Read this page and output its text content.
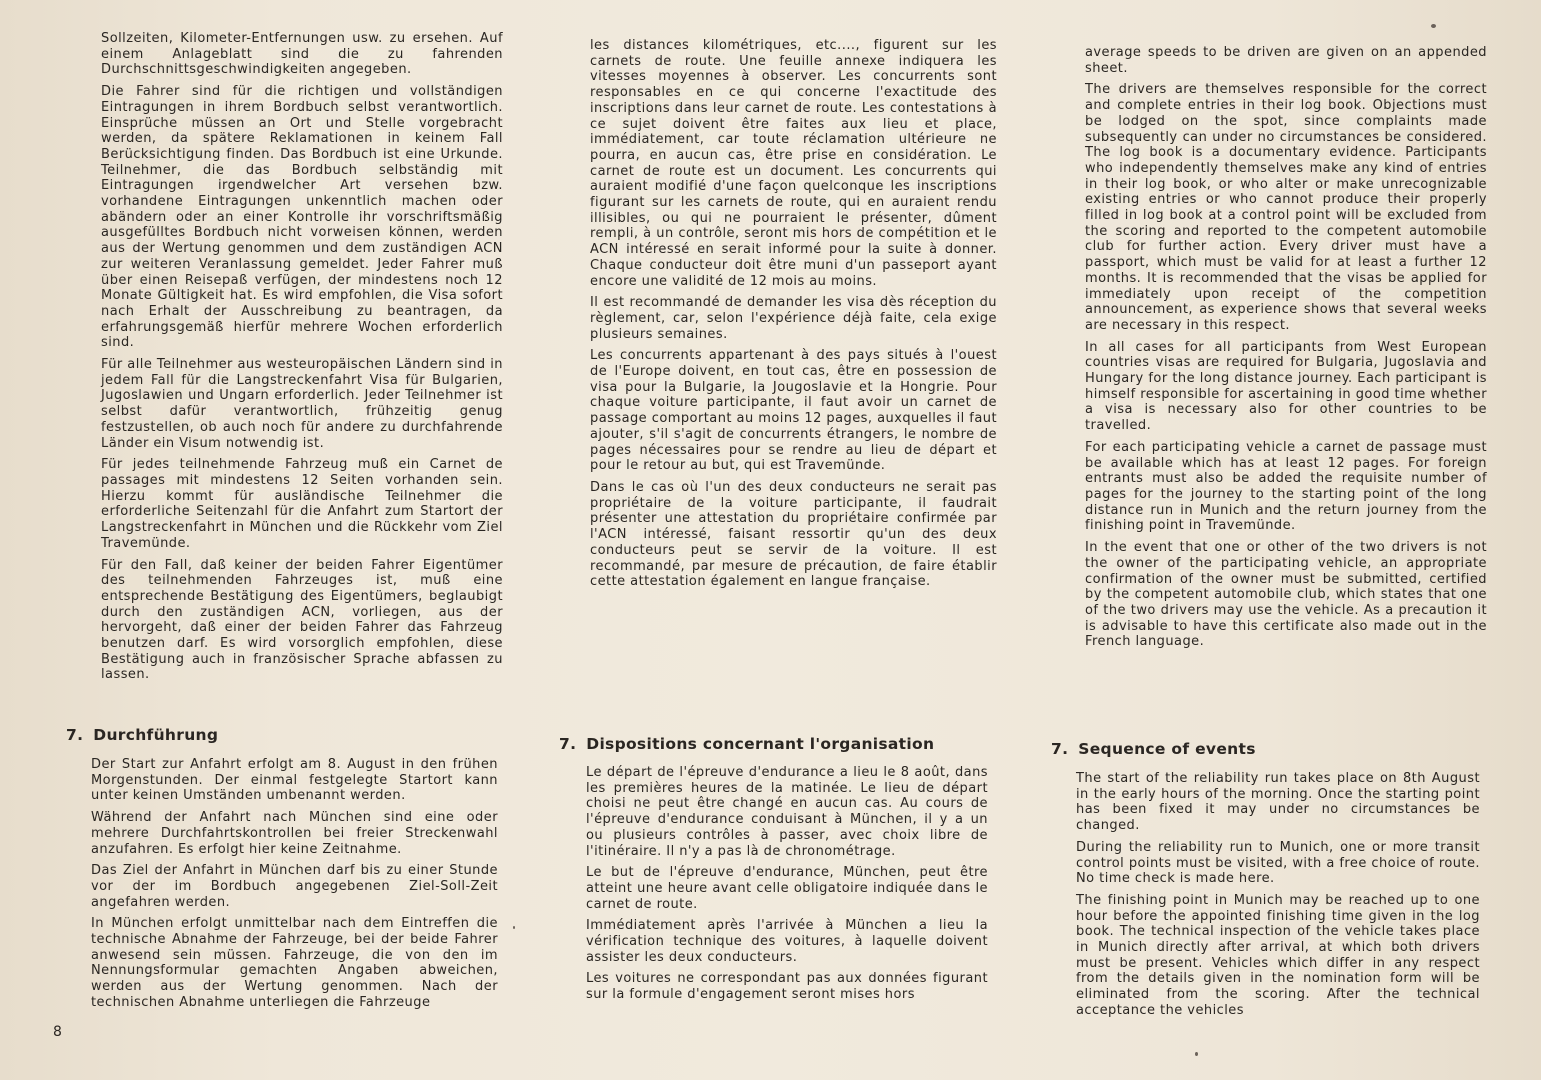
Sollzeiten, Kilometer-Entfernungen usw. zu ersehen. Auf einem Anlageblatt sind die zu fahrenden Durchschnittsgeschwindigkeiten angegeben.

Die Fahrer sind für die richtigen und vollständigen Eintragungen in ihrem Bordbuch selbst verantwortlich. Einsprüche müssen an Ort und Stelle vorgebracht werden, da spätere Reklamationen in keinem Fall Berücksichtigung finden. Das Bordbuch ist eine Urkunde. Teilnehmer, die das Bordbuch selbständig mit Eintragungen irgendwelcher Art versehen bzw. vorhandene Eintragungen unkenntlich machen oder abändern oder an einer Kontrolle ihr vorschriftsmäßig ausgefülltes Bordbuch nicht vorweisen können, werden aus der Wertung genommen und dem zuständigen ACN zur weiteren Veranlassung gemeldet. Jeder Fahrer muß über einen Reisepaß verfügen, der mindestens noch 12 Monate Gültigkeit hat. Es wird empfohlen, die Visa sofort nach Erhalt der Ausschreibung zu beantragen, da erfahrungsgemäß hierfür mehrere Wochen erforderlich sind.

Für alle Teilnehmer aus westeuropäischen Ländern sind in jedem Fall für die Langstreckenfahrt Visa für Bulgarien, Jugoslawien und Ungarn erforderlich. Jeder Teilnehmer ist selbst dafür verantwortlich, frühzeitig genug festzustellen, ob auch noch für andere zu durchfahrende Länder ein Visum notwendig ist.

Für jedes teilnehmende Fahrzeug muß ein Carnet de passages mit mindestens 12 Seiten vorhanden sein. Hierzu kommt für ausländische Teilnehmer die erforderliche Seitenzahl für die Anfahrt zum Startort der Langstreckenfahrt in München und die Rückkehr vom Ziel Travemünde.

Für den Fall, daß keiner der beiden Fahrer Eigentümer des teilnehmenden Fahrzeuges ist, muß eine entsprechende Bestätigung des Eigentümers, beglaubigt durch den zuständigen ACN, vorliegen, aus der hervorgeht, daß einer der beiden Fahrer das Fahrzeug benutzen darf. Es wird vorsorglich empfohlen, diese Bestätigung auch in französischer Sprache abfassen zu lassen.

7. Durchführung

Der Start zur Anfahrt erfolgt am 8. August in den frühen Morgenstunden. Der einmal festgelegte Startort kann unter keinen Umständen umbenannt werden.

Während der Anfahrt nach München sind eine oder mehrere Durchfahrtskontrollen bei freier Streckenwahl anzufahren. Es erfolgt hier keine Zeitnahme.

Das Ziel der Anfahrt in München darf bis zu einer Stunde vor der im Bordbuch angegebenen Ziel-Soll-Zeit angefahren werden.

In München erfolgt unmittelbar nach dem Eintreffen die technische Abnahme der Fahrzeuge, bei der beide Fahrer anwesend sein müssen. Fahrzeuge, die von den im Nennungsformular gemachten Angaben abweichen, werden aus der Wertung genommen. Nach der technischen Abnahme unterliegen die Fahrzeuge

les distances kilométriques, etc...., figurent sur les carnets de route. Une feuille annexe indiquera les vitesses moyennes à observer. Les concurrents sont responsables en ce qui concerne l'exactitude des inscriptions dans leur carnet de route. Les contestations à ce sujet doivent être faites aux lieu et place, immédiatement, car toute réclamation ultérieure ne pourra, en aucun cas, être prise en considération. Le carnet de route est un document. Les concurrents qui auraient modifié d'une façon quelconque les inscriptions figurant sur les carnets de route, qui en auraient rendu illisibles, ou qui ne pourraient le présenter, dûment rempli, à un contrôle, seront mis hors de compétition et le ACN intéressé en serait informé pour la suite à donner. Chaque conducteur doit être muni d'un passeport ayant encore une validité de 12 mois au moins.

Il est recommandé de demander les visa dès réception du règlement, car, selon l'expérience déjà faite, cela exige plusieurs semaines.

Les concurrents appartenant à des pays situés à l'ouest de l'Europe doivent, en tout cas, être en possession de visa pour la Bulgarie, la Jougoslavie et la Hongrie. Pour chaque voiture participante, il faut avoir un carnet de passage comportant au moins 12 pages, auxquelles il faut ajouter, s'il s'agit de concurrents étrangers, le nombre de pages nécessaires pour se rendre au lieu de départ et pour le retour au but, qui est Travemünde.

Dans le cas où l'un des deux conducteurs ne serait pas propriétaire de la voiture participante, il faudrait présenter une attestation du propriétaire confirmée par l'ACN intéressé, faisant ressortir qu'un des deux conducteurs peut se servir de la voiture. Il est recommandé, par mesure de précaution, de faire établir cette attestation également en langue française.

7. Dispositions concernant l'organisation

Le départ de l'épreuve d'endurance a lieu le 8 août, dans les premières heures de la matinée. Le lieu de départ choisi ne peut être changé en aucun cas. Au cours de l'épreuve d'endurance conduisant à München, il y a un ou plusieurs contrôles à passer, avec choix libre de l'itinéraire. Il n'y a pas là de chronométrage.

Le but de l'épreuve d'endurance, München, peut être atteint une heure avant celle obligatoire indiquée dans le carnet de route.

Immédiatement après l'arrivée à München a lieu la vérification technique des voitures, à laquelle doivent assister les deux conducteurs.

Les voitures ne correspondant pas aux données figurant sur la formule d'engagement seront mises hors

average speeds to be driven are given on an appended sheet.

The drivers are themselves responsible for the correct and complete entries in their log book. Objections must be lodged on the spot, since complaints made subsequently can under no circumstances be considered. The log book is a documentary evidence. Participants who independently themselves make any kind of entries in their log book, or who alter or make unrecognizable existing entries or who cannot produce their properly filled in log book at a control point will be excluded from the scoring and reported to the competent automobile club for further action. Every driver must have a passport, which must be valid for at least a further 12 months. It is recommended that the visas be applied for immediately upon receipt of the competition announcement, as experience shows that several weeks are necessary in this respect.

In all cases for all participants from West European countries visas are required for Bulgaria, Jugoslavia and Hungary for the long distance journey. Each participant is himself responsible for ascertaining in good time whether a visa is necessary also for other countries to be travelled.

For each participating vehicle a carnet de passage must be available which has at least 12 pages. For foreign entrants must also be added the requisite number of pages for the journey to the starting point of the long distance run in Munich and the return journey from the finishing point in Travemünde.

In the event that one or other of the two drivers is not the owner of the participating vehicle, an appropriate confirmation of the owner must be submitted, certified by the competent automobile club, which states that one of the two drivers may use the vehicle. As a precaution it is advisable to have this certificate also made out in the French language.

7. Sequence of events

The start of the reliability run takes place on 8th August in the early hours of the morning. Once the starting point has been fixed it may under no circumstances be changed.

During the reliability run to Munich, one or more transit control points must be visited, with a free choice of route. No time check is made here.

The finishing point in Munich may be reached up to one hour before the appointed finishing time given in the log book. The technical inspection of the vehicle takes place in Munich directly after arrival, at which both drivers must be present. Vehicles which differ in any respect from the details given in the nomination form will be eliminated from the scoring. After the technical acceptance the vehicles

8
